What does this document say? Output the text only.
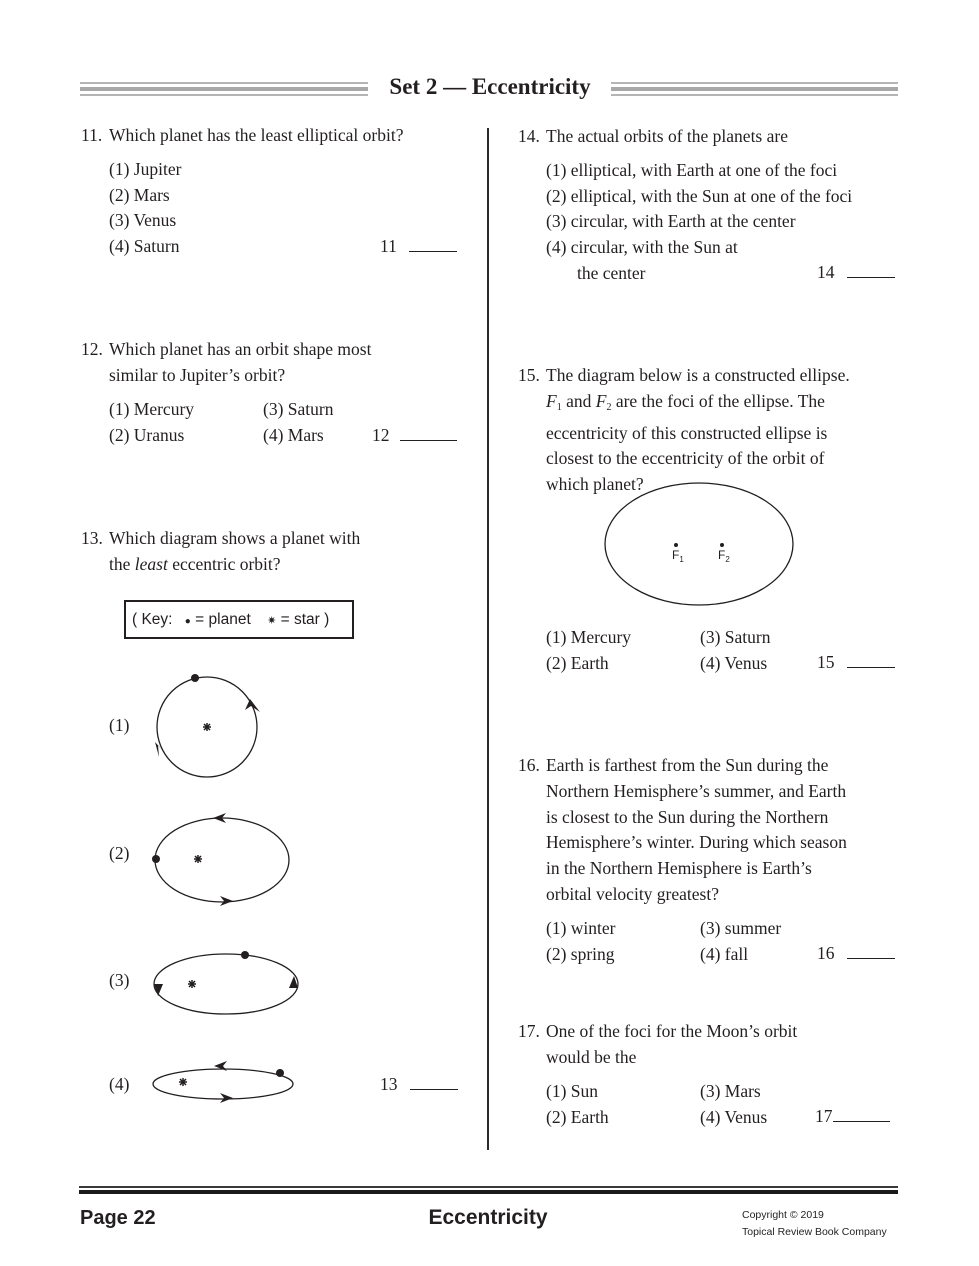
Set 2 — Eccentricity
11. Which planet has the least elliptical orbit?
(1) Jupiter
(2) Mars
(3) Venus
(4) Saturn	11
12. Which planet has an orbit shape most
similar to Jupiter’s orbit?
(1) Mercury
(2) Uranus
(3) Saturn
(4) Mars	12
13. Which diagram shows a planet with
the least eccentric orbit?
( Key: ● = planet ✷ = star )
(1)
(2)
(3)
(4)	13
14. The actual orbits of the planets are
(1) elliptical, with Earth at one of the foci
(2) elliptical, with the Sun at one of the foci
(3) circular, with Earth at the center
(4) circular, with the Sun at
the center	14
15. The diagram below is a constructed ellipse.
$F_1$ and $F_2$ are the foci of the ellipse. The
eccentricity of this constructed ellipse is
closest to the eccentricity of the orbit of
which planet?
$F_1$	$F_2$
(1) Mercury
(2) Earth
(3) Saturn
(4) Venus	15
16. Earth is farthest from the Sun during the
Northern Hemisphere’s summer, and Earth
is closest to the Sun during the Northern
Hemisphere’s winter. During which season
in the Northern Hemisphere is Earth’s
orbital velocity greatest?
(1) winter
(2) spring
(3) summer
(4) fall	16
17. One of the foci for the Moon’s orbit
would be the
(1) Sun
(2) Earth
(3) Mars
(4) Venus	17
Page 22	Eccentricity	Copyright © 2019
Topical Review Book Company
